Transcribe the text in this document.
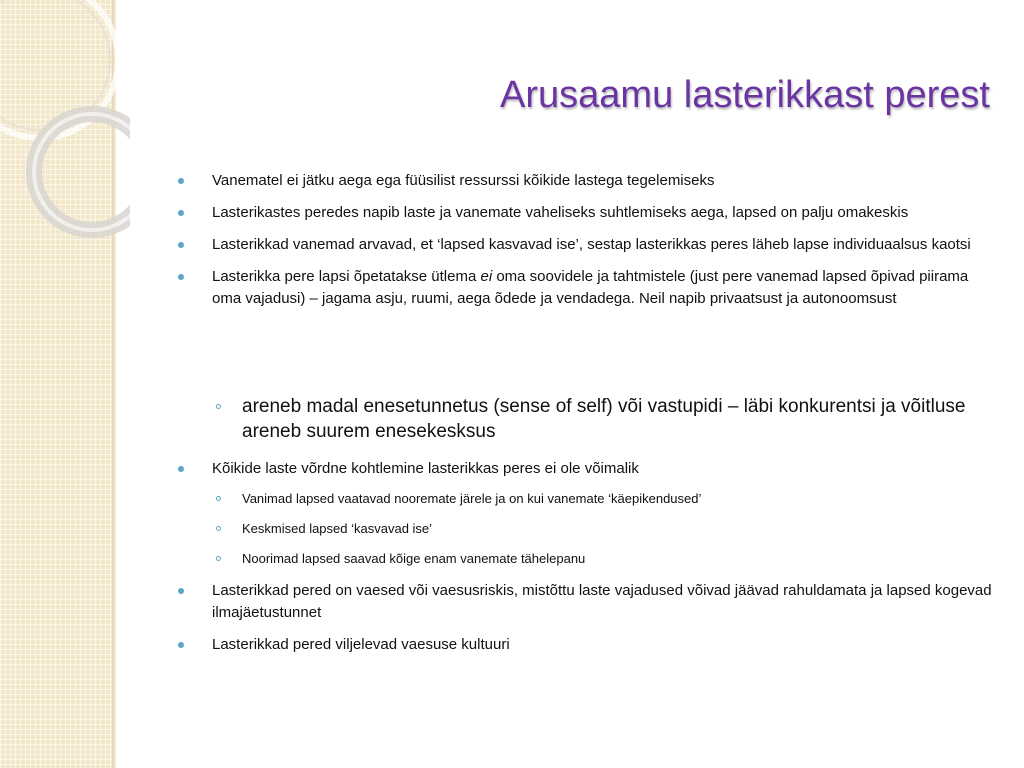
Arusaamu lasterikkast perest
Vanematel ei jätku aega ega füüsilist ressurssi kõikide lastega tegelemiseks
Lasterikastes peredes napib laste ja vanemate vaheliseks suhtlemiseks aega, lapsed on palju omakeskis
Lasterikkad vanemad arvavad, et ‘lapsed kasvavad ise’, sestap lasterikkas peres läheb lapse individuaalsus kaotsi
Lasterikka pere lapsi õpetatakse ütlema ei oma soovidele ja tahtmistele (just pere vanemad lapsed õpivad piirama oma vajadusi) – jagama asju, ruumi, aega õdede ja vendadega. Neil napib privaatsust ja autonoomsust
areneb madal enesetunnetus (sense of self) või vastupidi – läbi konkurentsi ja võitluse areneb suurem enesekesksus
Kõikide laste võrdne kohtlemine lasterikkas peres ei ole võimalik
Vanimad lapsed vaatavad nooremate järele ja on kui vanemate ‘käepikendused’
Keskmised lapsed ‘kasvavad ise’
Noorimad lapsed saavad kõige enam vanemate tähelepanu
Lasterikkad pered on vaesed või vaesusriskis, mistõttu laste vajadused võivad jäävad rahuldamata ja lapsed kogevad ilmajäetustunnet
Lasterikkad pered viljelevad vaesuse kultuuri
